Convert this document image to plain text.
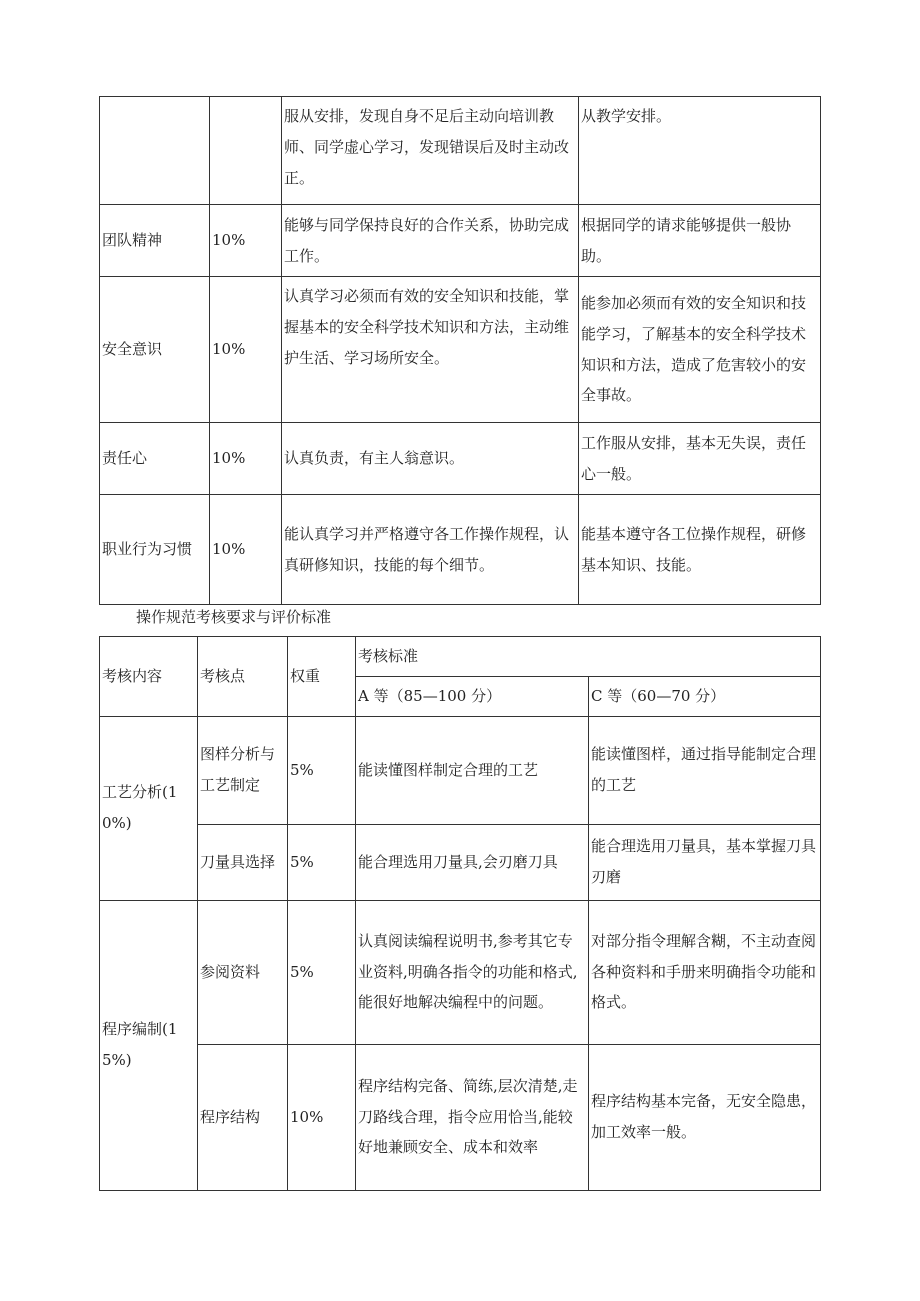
		服从安排，发现自身不足后主动向培训教师、同学虚心学习，发现错误后及时主动改正。	从教学安排。
团队精神	10%	能够与同学保持良好的合作关系，协助完成工作。	根据同学的请求能够提供一般协助。
安全意识	10%	认真学习必须而有效的安全知识和技能，掌握基本的安全科学技术知识和方法，主动维护生活、学习场所安全。	能参加必须而有效的安全知识和技能学习，了解基本的安全科学技术知识和方法，造成了危害较小的安全事故。
责任心	10%	认真负责，有主人翁意识。	工作服从安排，基本无失误，责任心一般。
职业行为习惯	10%	能认真学习并严格遵守各工作操作规程，认真研修知识，技能的每个细节。	能基本遵守各工位操作规程，研修基本知识、技能。
操作规范考核要求与评价标准
考核内容	考核点	权重	考核标准	
			A 等（85—100 分）	C 等（60—70 分）
工艺分析(10%)	图样分析与工艺制定	5%	能读懂图样制定合理的工艺	能读懂图样，通过指导能制定合理的工艺
	刀量具选择	5%	能合理选用刀量具,会刃磨刀具	能合理选用刀量具，基本掌握刀具刃磨
程序编制(15%)	参阅资料	5%	认真阅读编程说明书,参考其它专业资料,明确各指令的功能和格式,能很好地解决编程中的问题。	对部分指令理解含糊，不主动查阅各种资料和手册来明确指令功能和格式。
	程序结构	10%	程序结构完备、简练,层次清楚,走刀路线合理，指令应用恰当,能较好地兼顾安全、成本和效率	程序结构基本完备，无安全隐患，加工效率一般。
